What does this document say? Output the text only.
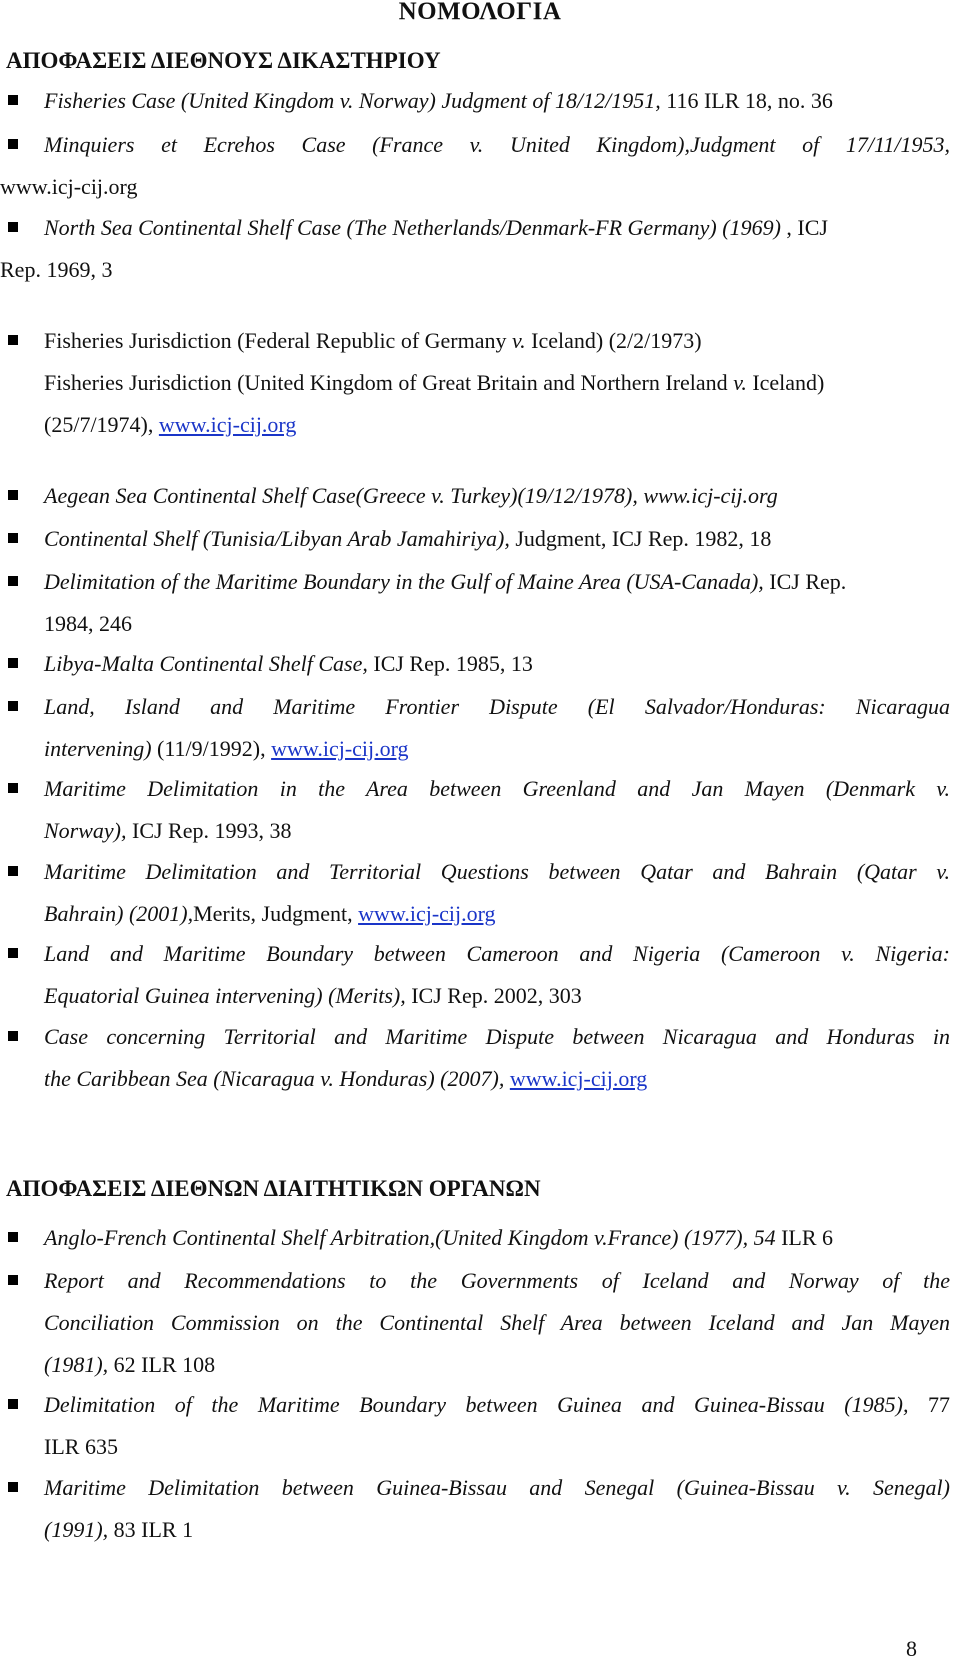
ΝΟΜΟΛΟΓΙΑ
ΑΠΟΦΑΣΕΙΣ ΔΙΕΘΝΟΥΣ ΔΙΚΑΣΤΗΡΙΟΥ
Fisheries Case (United Kingdom v. Norway) Judgment of 18/12/1951, 116 ILR 18, no. 36
Minquiers et Ecrehos Case (France v. United Kingdom),Judgment of 17/11/1953,
www.icj-cij.org
North Sea Continental Shelf Case (The Netherlands/Denmark-FR Germany) (1969) , ICJ
Rep. 1969, 3
Fisheries Jurisdiction (Federal Republic of Germany v. Iceland) (2/2/1973)
Fisheries Jurisdiction (United Kingdom of Great Britain and Northern Ireland v. Iceland)
(25/7/1974), www.icj-cij.org
Aegean Sea Continental Shelf Case(Greece v. Turkey)(19/12/1978), www.icj-cij.org
Continental Shelf (Tunisia/Libyan Arab Jamahiriya), Judgment, ICJ Rep. 1982, 18
Delimitation of the Maritime Boundary in the Gulf of Maine Area (USA-Canada), ICJ Rep.
1984, 246
Libya-Malta Continental Shelf Case, ICJ Rep. 1985, 13
Land, Island and Maritime Frontier Dispute (El Salvador/Honduras: Nicaragua
intervening) (11/9/1992), www.icj-cij.org
Maritime Delimitation in the Area between Greenland and Jan Mayen (Denmark v.
Norway), ICJ Rep. 1993, 38
Maritime Delimitation and Territorial Questions between Qatar and Bahrain (Qatar v.
Bahrain) (2001),Merits, Judgment, www.icj-cij.org
Land and Maritime Boundary between Cameroon and Nigeria (Cameroon v. Nigeria:
Equatorial Guinea intervening) (Merits), ICJ Rep. 2002, 303
Case concerning Territorial and Maritime Dispute between Nicaragua and Honduras in
the Caribbean Sea (Nicaragua v. Honduras) (2007), www.icj-cij.org
ΑΠΟΦΑΣΕΙΣ ΔΙΕΘΝΩΝ ΔΙΑΙΤΗΤΙΚΩΝ ΟΡΓΑΝΩΝ
Anglo-French Continental Shelf Arbitration,(United Kingdom v.France) (1977), 54 ILR 6
Report and Recommendations to the Governments of Iceland and Norway of the
Conciliation Commission on the Continental Shelf Area between Iceland and Jan Mayen
(1981), 62 ILR 108
Delimitation of the Maritime Boundary between Guinea and Guinea-Bissau (1985), 77
ILR 635
Maritime Delimitation between Guinea-Bissau and Senegal (Guinea-Bissau v. Senegal)
(1991), 83 ILR 1
8
